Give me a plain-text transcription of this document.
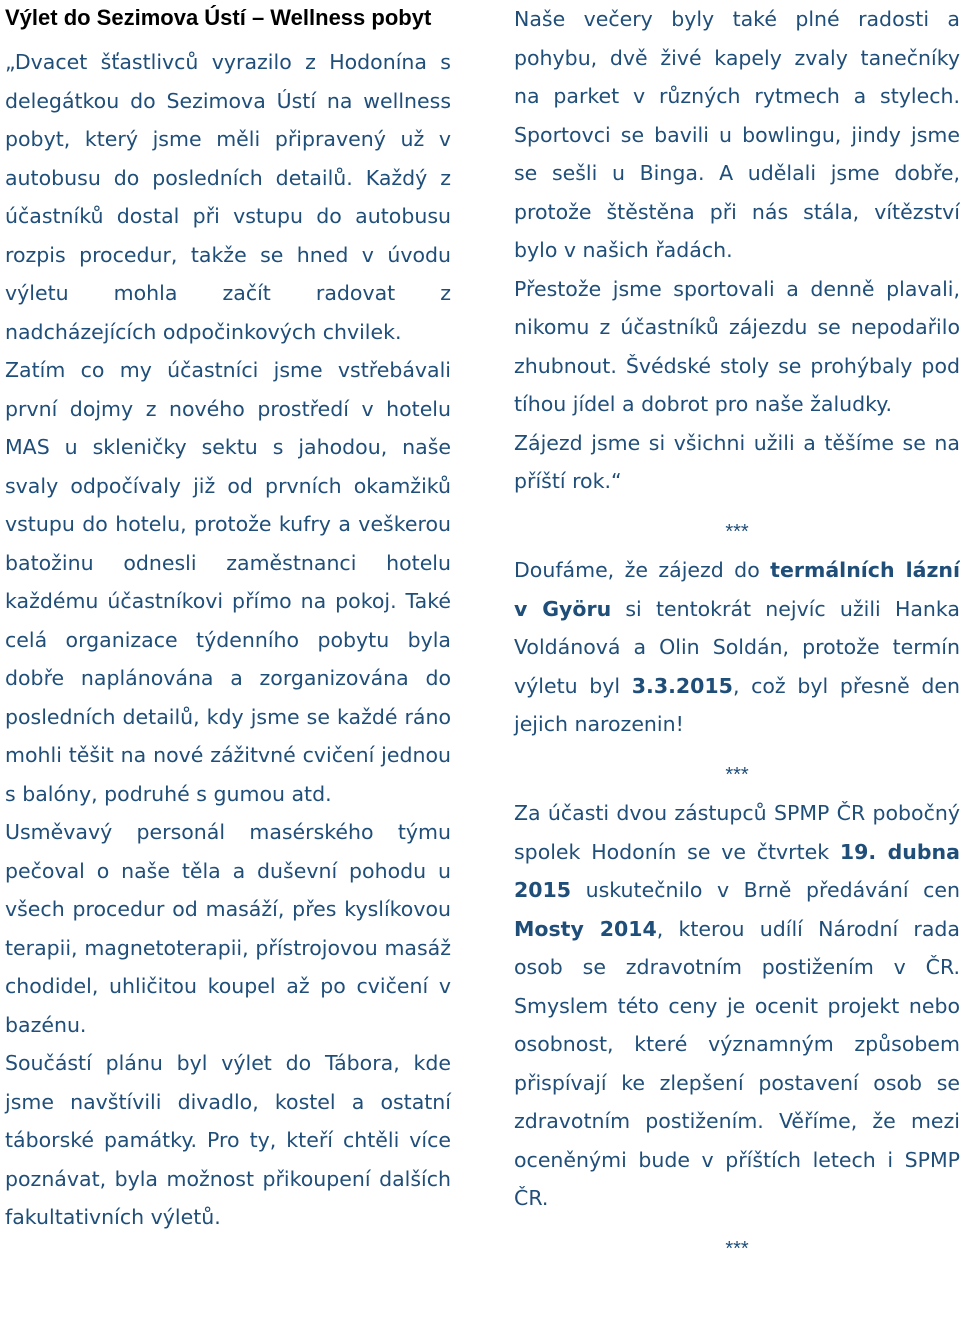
Výlet do Sezimova Ústí – Wellness pobyt

„Dvacet šťastlivců vyrazilo z Hodonína s delegátkou do Sezimova Ústí na wellness pobyt, který jsme měli připravený už v autobusu do posledních detailů. Každý z účastníků dostal při vstupu do autobusu rozpis procedur, takže se hned v úvodu výletu mohla začít radovat z nadcházejících odpočinkových chvilek.

Zatím co my účastníci jsme vstřebávali první dojmy z nového prostředí v hotelu MAS u skleničky sektu s jahodou, naše svaly odpočívaly již od prvních okamžiků vstupu do hotelu, protože kufry a veškerou batožinu odnesli zaměstnanci hotelu každému účastníkovi přímo na pokoj. Také celá organizace týdenního pobytu byla dobře naplánována a zorganizována do posledních detailů, kdy jsme se každé ráno mohli těšit na nové zážitvné cvičení jednou s balóny, podruhé s gumou atd.

Usměvavý personál masérského týmu pečoval o naše těla a duševní pohodu u všech procedur od masáží, přes kyslíkovou terapii, magnetoterapii, přístrojovou masáž chodidel, uhličitou koupel až po cvičení v bazénu.

Součástí plánu byl výlet do Tábora, kde jsme navštívili divadlo, kostel a ostatní táborské památky. Pro ty, kteří chtěli více poznávat, byla možnost přikoupení dalších fakultativních výletů.

Naše večery byly také plné radosti a pohybu, dvě živé kapely zvaly tanečníky na parket v různých rytmech a stylech. Sportovci se bavili u bowlingu, jindy jsme se sešli u Binga. A udělali jsme dobře, protože štěstěna při nás stála, vítězství bylo v našich řadách.

Přestože jsme sportovali a denně plavali, nikomu z účastníků zájezdu se nepodařilo zhubnout. Švédské stoly se prohýbaly pod tíhou jídel a dobrot pro naše žaludky.

Zájezd jsme si všichni užili a těšíme se na příští rok.“

***

Doufáme, že zájezd do termálních lázní v Györu si tentokrát nejvíc užili Hanka Voldánová a Olin Soldán, protože termín výletu byl 3.3.2015, což byl přesně den jejich narozenin!

***

Za účasti dvou zástupců SPMP ČR pobočný spolek Hodonín se ve čtvrtek 19. dubna 2015 uskutečnilo v Brně předávání cen Mosty 2014, kterou udílí Národní rada osob se zdravotním postižením v ČR. Smyslem této ceny je ocenit projekt nebo osobnost, které významným způsobem přispívají ke zlepšení postavení osob se zdravotním postižením. Věříme, že mezi oceněnými bude v příštích letech i SPMP ČR.

***
